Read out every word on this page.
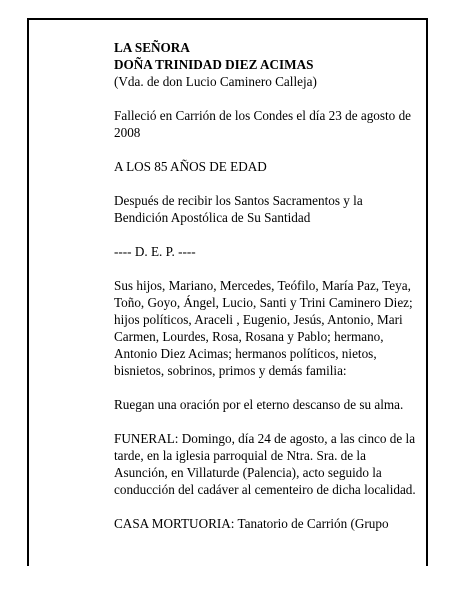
LA SEÑORA

DOÑA TRINIDAD DIEZ ACIMAS

(Vda. de don Lucio Caminero Calleja)

Falleció en Carrión de los Condes el día 23 de agosto de 2008

A LOS 85 AÑOS DE EDAD

Después de recibir los Santos Sacramentos y la Bendición Apostólica de Su Santidad

---- D. E. P. ----

Sus hijos, Mariano, Mercedes, Teófilo, María Paz, Teya, Toño, Goyo, Ángel, Lucio, Santi y Trini Caminero Diez; hijos políticos, Araceli , Eugenio, Jesús, Antonio, Mari Carmen, Lourdes, Rosa, Rosana y Pablo; hermano, Antonio Diez Acimas; hermanos políticos, nietos, bisnietos, sobrinos, primos y demás familia:

Ruegan una oración por el eterno descanso de su alma.

FUNERAL: Domingo, día 24 de agosto, a las cinco de la tarde, en la iglesia parroquial de Ntra. Sra. de la Asunción, en Villaturde (Palencia), acto seguido la conducción del cadáver al cementeiro de dicha localidad.

CASA MORTUORIA: Tanatorio de Carrión (Grupo
